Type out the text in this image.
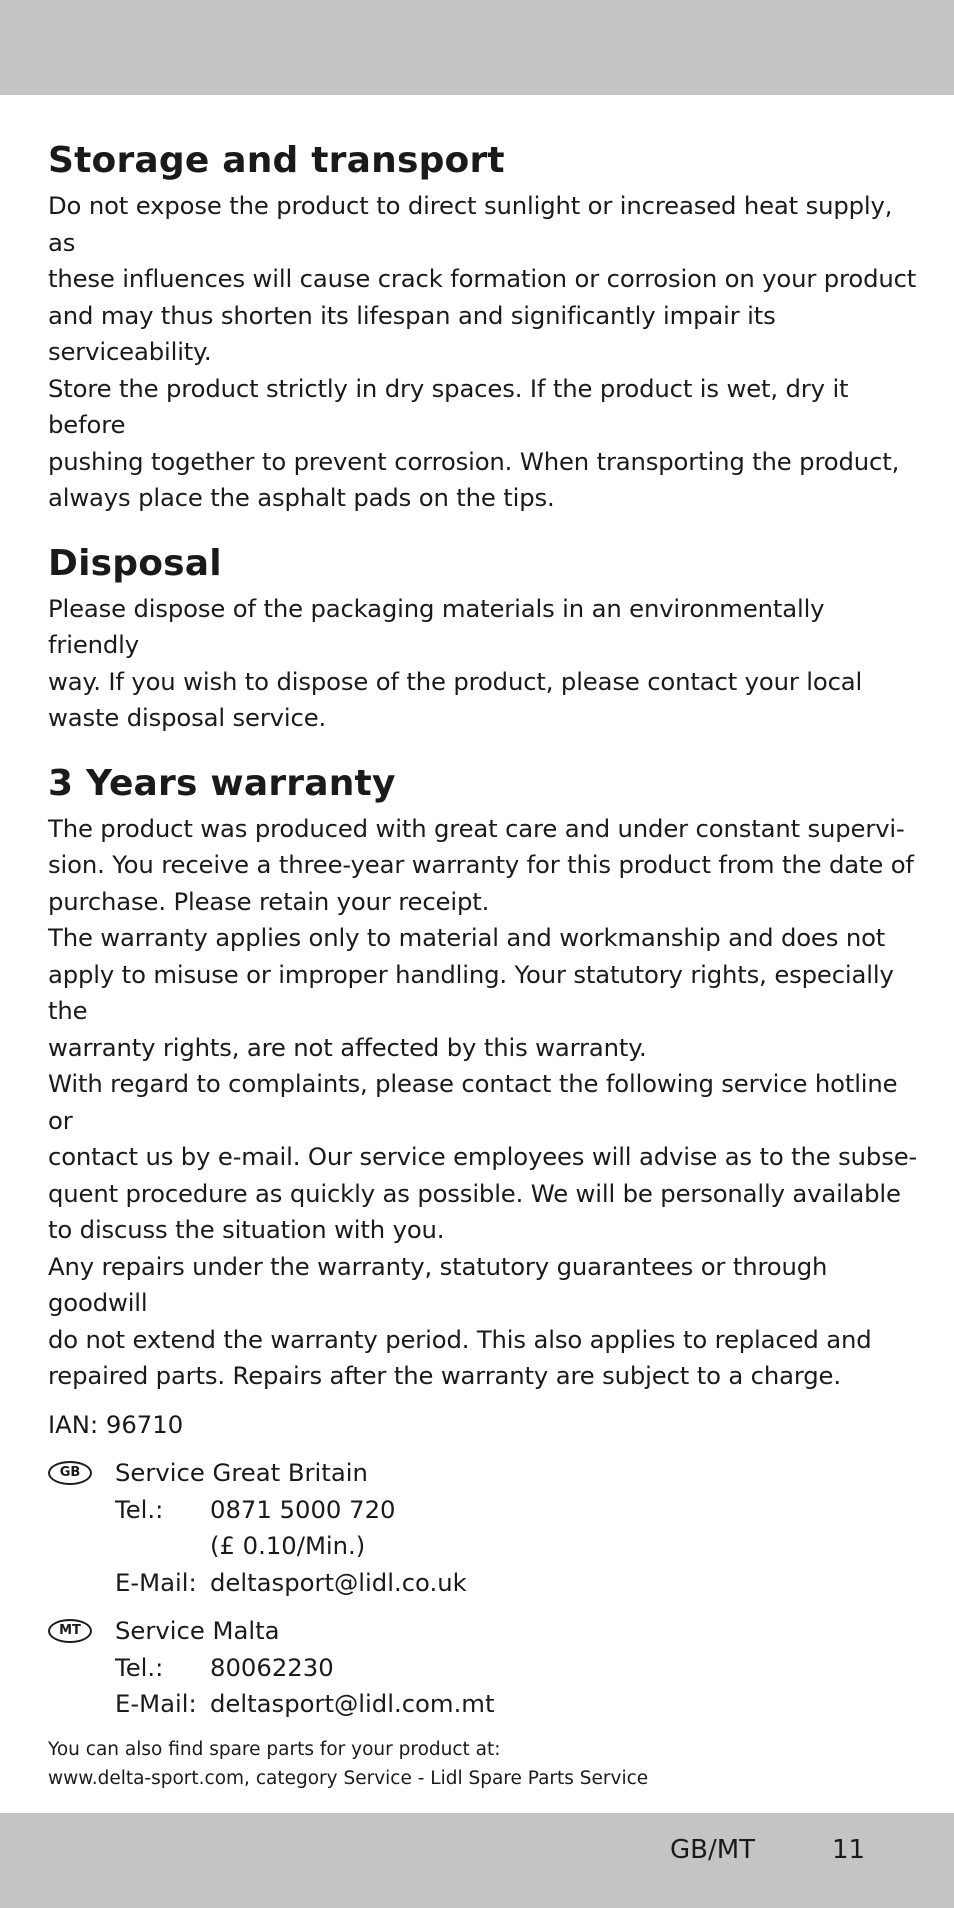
Storage and transport

Do not expose the product to direct sunlight or increased heat supply, as
these influences will cause crack formation or corrosion on your product
and may thus shorten its lifespan and significantly impair its serviceability.
Store the product strictly in dry spaces. If the product is wet, dry it before
pushing together to prevent corrosion. When transporting the product,
always place the asphalt pads on the tips.

Disposal

Please dispose of the packaging materials in an environmentally friendly
way. If you wish to dispose of the product, please contact your local
waste disposal service.

3 Years warranty

The product was produced with great care and under constant supervi-
sion. You receive a three-year warranty for this product from the date of
purchase. Please retain your receipt.
The warranty applies only to material and workmanship and does not
apply to misuse or improper handling. Your statutory rights, especially the
warranty rights, are not affected by this warranty.
With regard to complaints, please contact the following service hotline or
contact us by e-mail. Our service employees will advise as to the subse-
quent procedure as quickly as possible. We will be personally available
to discuss the situation with you.
Any repairs under the warranty, statutory guarantees or through goodwill
do not extend the warranty period. This also applies to replaced and
repaired parts. Repairs after the warranty are subject to a charge.

IAN: 96710
GB	Service Great Britain
Tel.:	0871 5000 720
(£ 0.10/Min.)
E-Mail: deltasport@lidl.co.uk
MT	Service Malta
Tel.:	80062230
E-Mail: deltasport@lidl.com.mt
You can also find spare parts for your product at:
www.delta-sport.com, category Service - Lidl Spare Parts Service
GB/MT	11
